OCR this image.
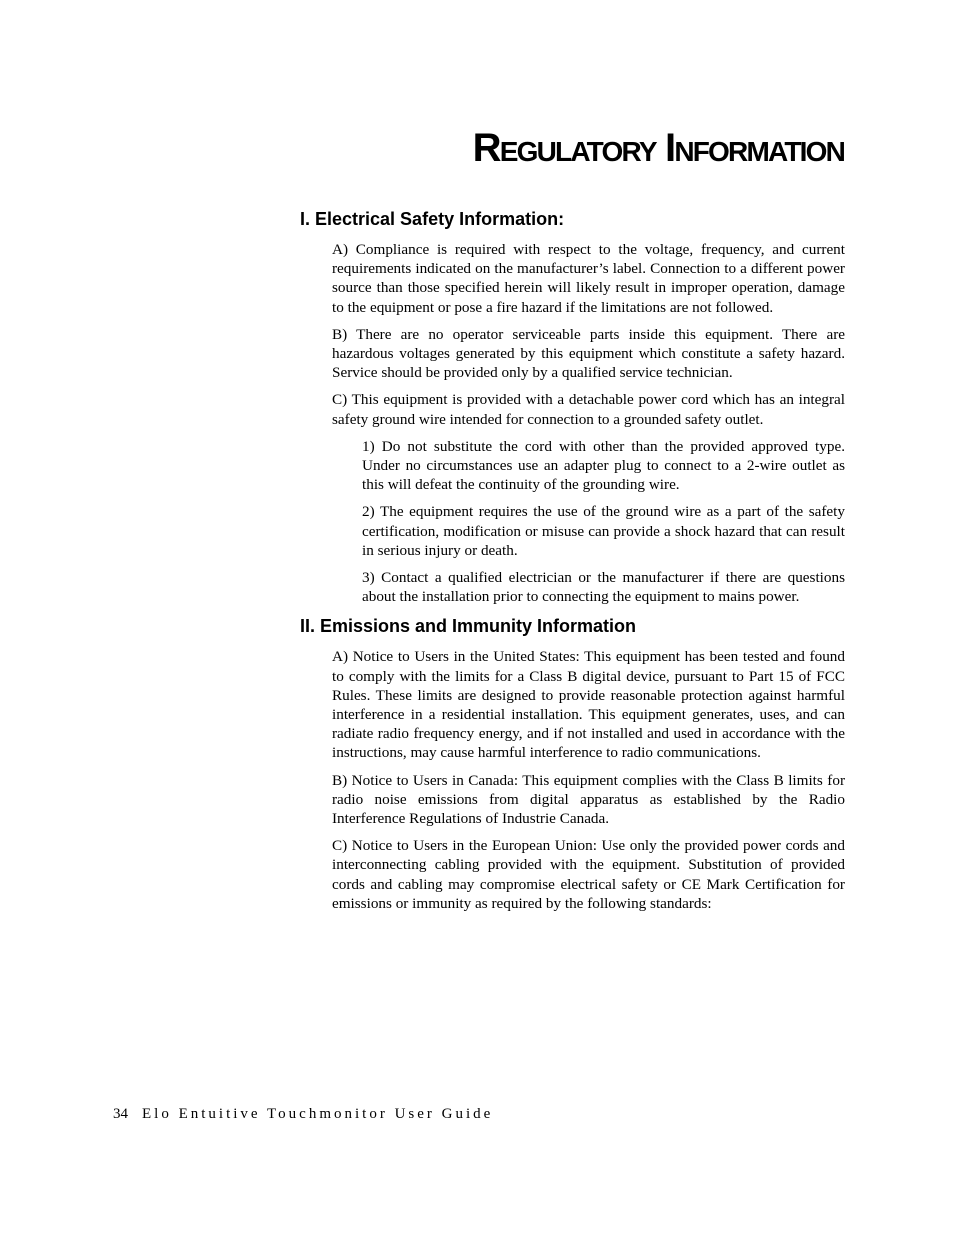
Regulatory Information
I. Electrical Safety Information:

A) Compliance is required with respect to the voltage, frequency, and current requirements indicated on the manufacturer’s label. Connection to a different power source than those specified herein will likely result in improper operation, damage to the equipment or pose a fire hazard if the limitations are not followed.

B) There are no operator serviceable parts inside this equipment. There are hazardous voltages generated by this equipment which constitute a safety hazard. Service should be provided only by a qualified service technician.

C) This equipment is provided with a detachable power cord which has an integral safety ground wire intended for connection to a grounded safety outlet.

1) Do not substitute the cord with other than the provided approved type. Under no circumstances use an adapter plug to connect to a 2-wire outlet as this will defeat the continuity of the grounding wire.

2) The equipment requires the use of the ground wire as a part of the safety certification, modification or misuse can provide a shock hazard that can result in serious injury or death.

3) Contact a qualified electrician or the manufacturer if there are questions about the installation prior to connecting the equipment to mains power.

II. Emissions and Immunity Information

A) Notice to Users in the United States: This equipment has been tested and found to comply with the limits for a Class B digital device, pursuant to Part 15 of FCC Rules. These limits are designed to provide reasonable protection against harmful interference in a residential installation. This equipment generates, uses, and can radiate radio frequency energy, and if not installed and used in accordance with the instructions, may cause harmful interference to radio communications.

B) Notice to Users in Canada: This equipment complies with the Class B limits for radio noise emissions from digital apparatus as established by the Radio Interference Regulations of Industrie Canada.

C) Notice to Users in the European Union: Use only the provided power cords and interconnecting cabling provided with the equipment. Substitution of provided cords and cabling may compromise electrical safety or CE Mark Certification for emissions or immunity as required by the following standards:

34 Elo Entuitive Touchmonitor User Guide
